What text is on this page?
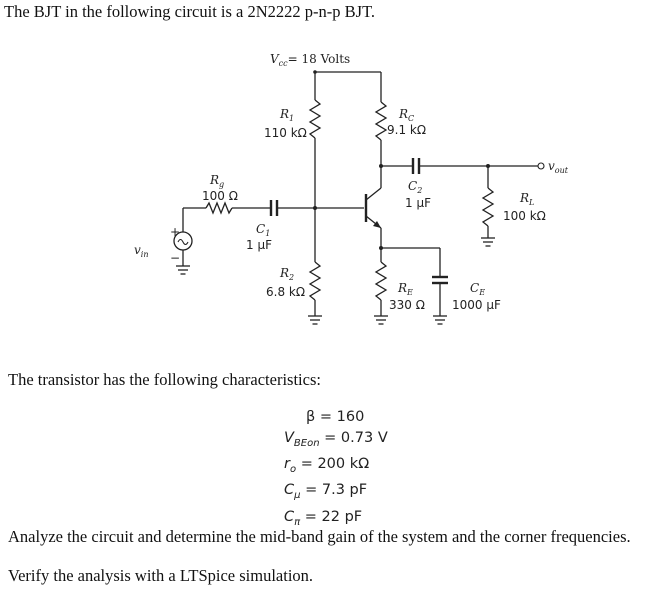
The BJT in the following circuit is a 2N2222 p-n-p BJT.
$V_{cc}= 18$ Volts
$R_1$
110 kΩ
$R_2$
6.8 kΩ
+
−
$v_{in}$
$R_g$
100 Ω
$C_1$
1 μF
$R_C$
9.1 kΩ
$C_2$
1 μF
$v_{out}$
$R_L$
100 kΩ
$R_E$
330 Ω
$C_E$
1000 μF
The transistor has the following characteristics:
β = 160
$V_{BEon} = 0.73$ V
$r_o = 200$ kΩ
$C_\mu = 7.3$ pF
$C_\pi = 22$ pF
Analyze the circuit and determine the mid-band gain of the system and the corner frequencies.
Verify the analysis with a LTSpice simulation.
